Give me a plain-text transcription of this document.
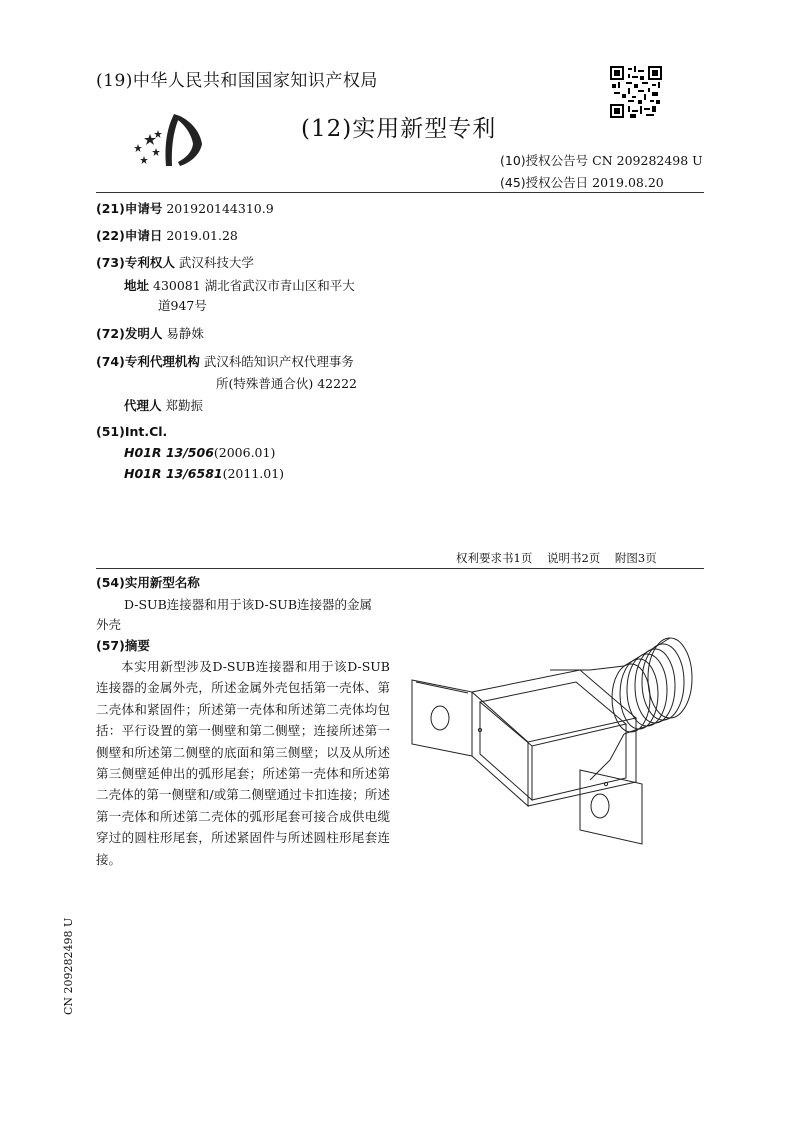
(19)中华人民共和国国家知识产权局
(12)实用新型专利
(10)授权公告号 CN 209282498 U
(45)授权公告日 2019.08.20
(21)申请号 201920144310.9
(22)申请日 2019.01.28
(73)专利权人 武汉科技大学
地址 430081 湖北省武汉市青山区和平大
道947号
(72)发明人 易静姝
(74)专利代理机构 武汉科皓知识产权代理事务
所(特殊普通合伙) 42222
代理人 郑勤振
(51)Int.Cl.
H01R 13/506(2006.01)
H01R 13/6581(2011.01)
权利要求书1页    说明书2页    附图3页
(54)实用新型名称
D-SUB连接器和用于该D-SUB连接器的金属
外壳
(57)摘要
本实用新型涉及D-SUB连接器和用于该D-SUB连接器的金属外壳，所述金属外壳包括第一壳体、第二壳体和紧固件；所述第一壳体和所述第二壳体均包括：平行设置的第一侧壁和第二侧壁；连接所述第一侧壁和所述第二侧壁的底面和第三侧壁；以及从所述第三侧壁延伸出的弧形尾套；所述第一壳体和所述第二壳体的第一侧壁和/或第二侧壁通过卡扣连接；所述第一壳体和所述第二壳体的弧形尾套可接合成供电缆穿过的圆柱形尾套，所述紧固件与所述圆柱形尾套连接。
CN 209282498 U
